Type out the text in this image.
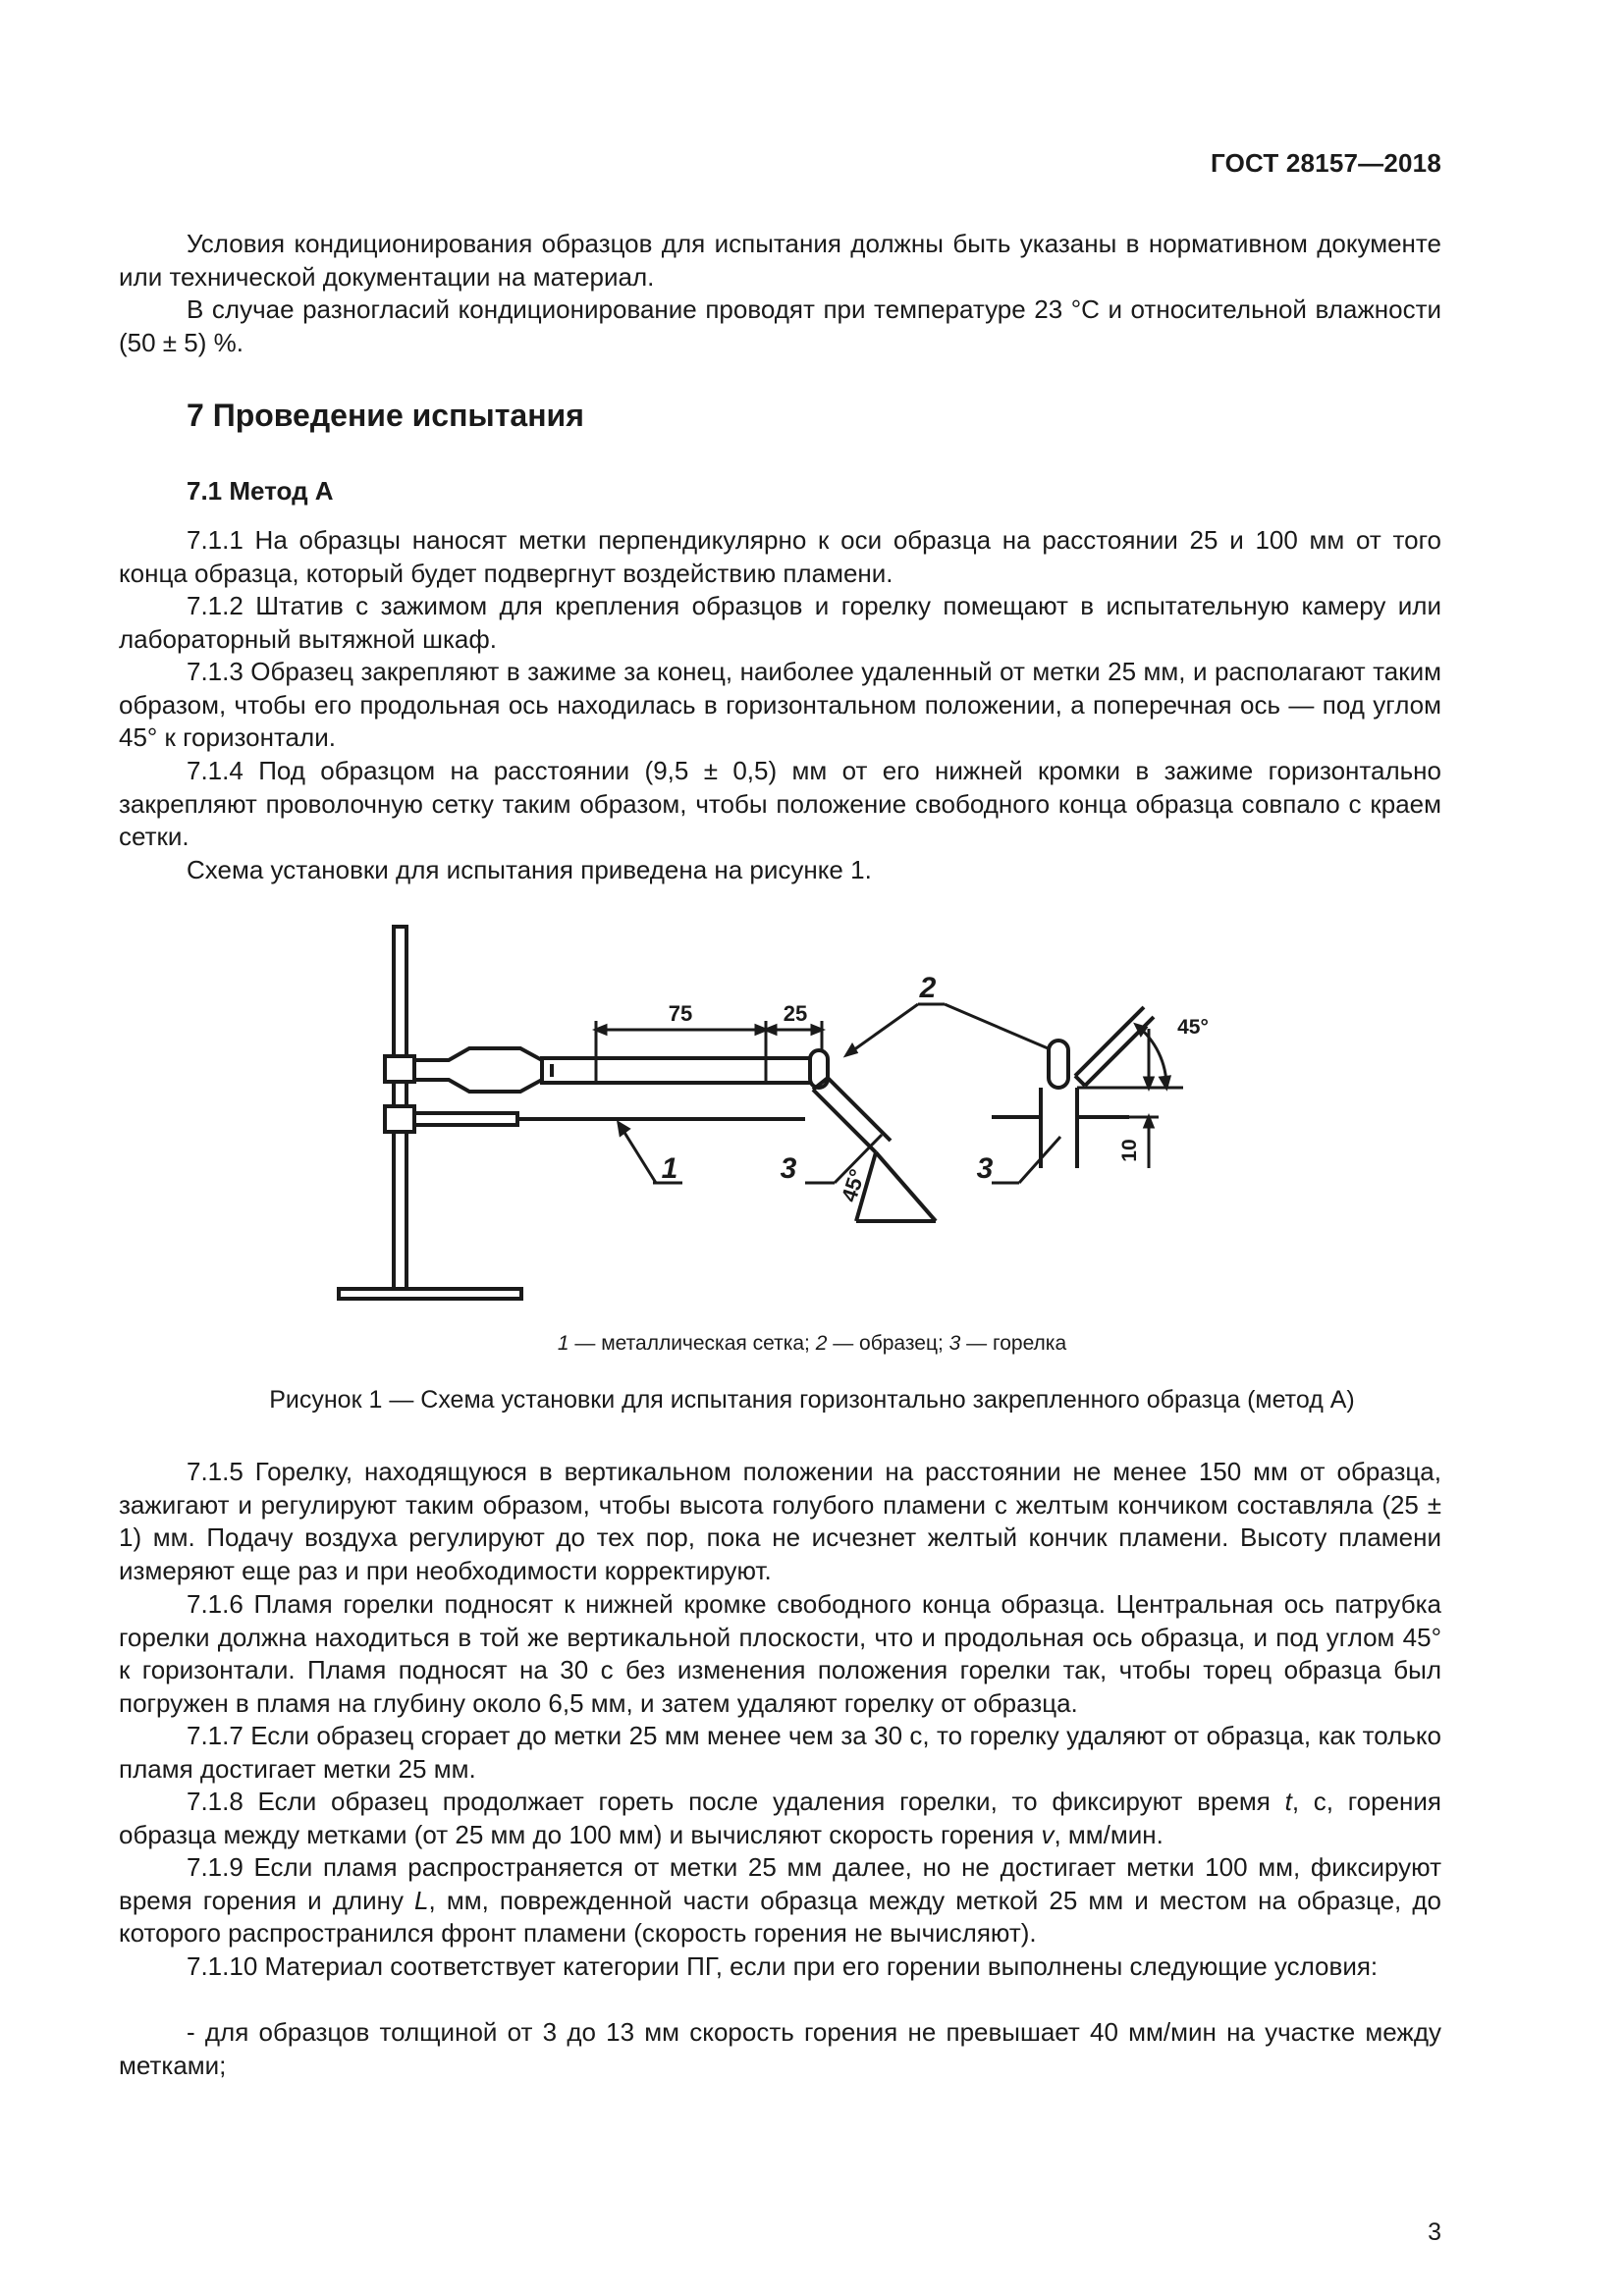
ГОСТ 28157—2018

Условия кондиционирования образцов для испытания должны быть указаны в нормативном документе или технической документации на материал.

В случае разногласий кондиционирование проводят при температуре 23 °С и относительной влажности (50 ± 5) %.

7 Проведение испытания
7.1 Метод А

7.1.1 На образцы наносят метки перпендикулярно к оси образца на расстоянии 25 и 100 мм от того конца образца, который будет подвергнут воздействию пламени.

7.1.2 Штатив с зажимом для крепления образцов и горелку помещают в испытательную камеру или лабораторный вытяжной шкаф.

7.1.3 Образец закрепляют в зажиме за конец, наиболее удаленный от метки 25 мм, и располагают таким образом, чтобы его продольная ось находилась в горизонтальном положении, а поперечная ось — под углом 45° к горизонтали.

7.1.4 Под образцом на расстоянии (9,5 ± 0,5) мм от его нижней кромки в зажиме горизонтально закрепляют проволочную сетку таким образом, чтобы положение свободного конца образца совпало с краем сетки.

Схема установки для испытания приведена на рисунке 1.

75	25
45°
2
1	3	3
45°
10
1 — металлическая сетка; 2 — образец; 3 — горелка
Рисунок 1 — Схема установки для испытания горизонтально закрепленного образца (метод А)

7.1.5 Горелку, находящуюся в вертикальном положении на расстоянии не менее 150 мм от образца, зажигают и регулируют таким образом, чтобы высота голубого пламени с желтым кончиком составляла (25 ± 1) мм. Подачу воздуха регулируют до тех пор, пока не исчезнет желтый кончик пламени. Высоту пламени измеряют еще раз и при необходимости корректируют.

7.1.6 Пламя горелки подносят к нижней кромке свободного конца образца. Центральная ось патрубка горелки должна находиться в той же вертикальной плоскости, что и продольная ось образца, и под углом 45° к горизонтали. Пламя подносят на 30 с без изменения положения горелки так, чтобы торец образца был погружен в пламя на глубину около 6,5 мм, и затем удаляют горелку от образца.

7.1.7 Если образец сгорает до метки 25 мм менее чем за 30 с, то горелку удаляют от образца, как только пламя достигает метки 25 мм.

7.1.8 Если образец продолжает гореть после удаления горелки, то фиксируют время t, с, горения образца между метками (от 25 мм до 100 мм) и вычисляют скорость горения v, мм/мин.

7.1.9 Если пламя распространяется от метки 25 мм далее, но не достигает метки 100 мм, фиксируют время горения и длину L, мм, поврежденной части образца между меткой 25 мм и местом на образце, до которого распространился фронт пламени (скорость горения не вычисляют).

7.1.10 Материал соответствует категории ПГ, если при его горении выполнены следующие условия:

- для образцов толщиной от 3 до 13 мм скорость горения не превышает 40 мм/мин на участке между метками;

3
